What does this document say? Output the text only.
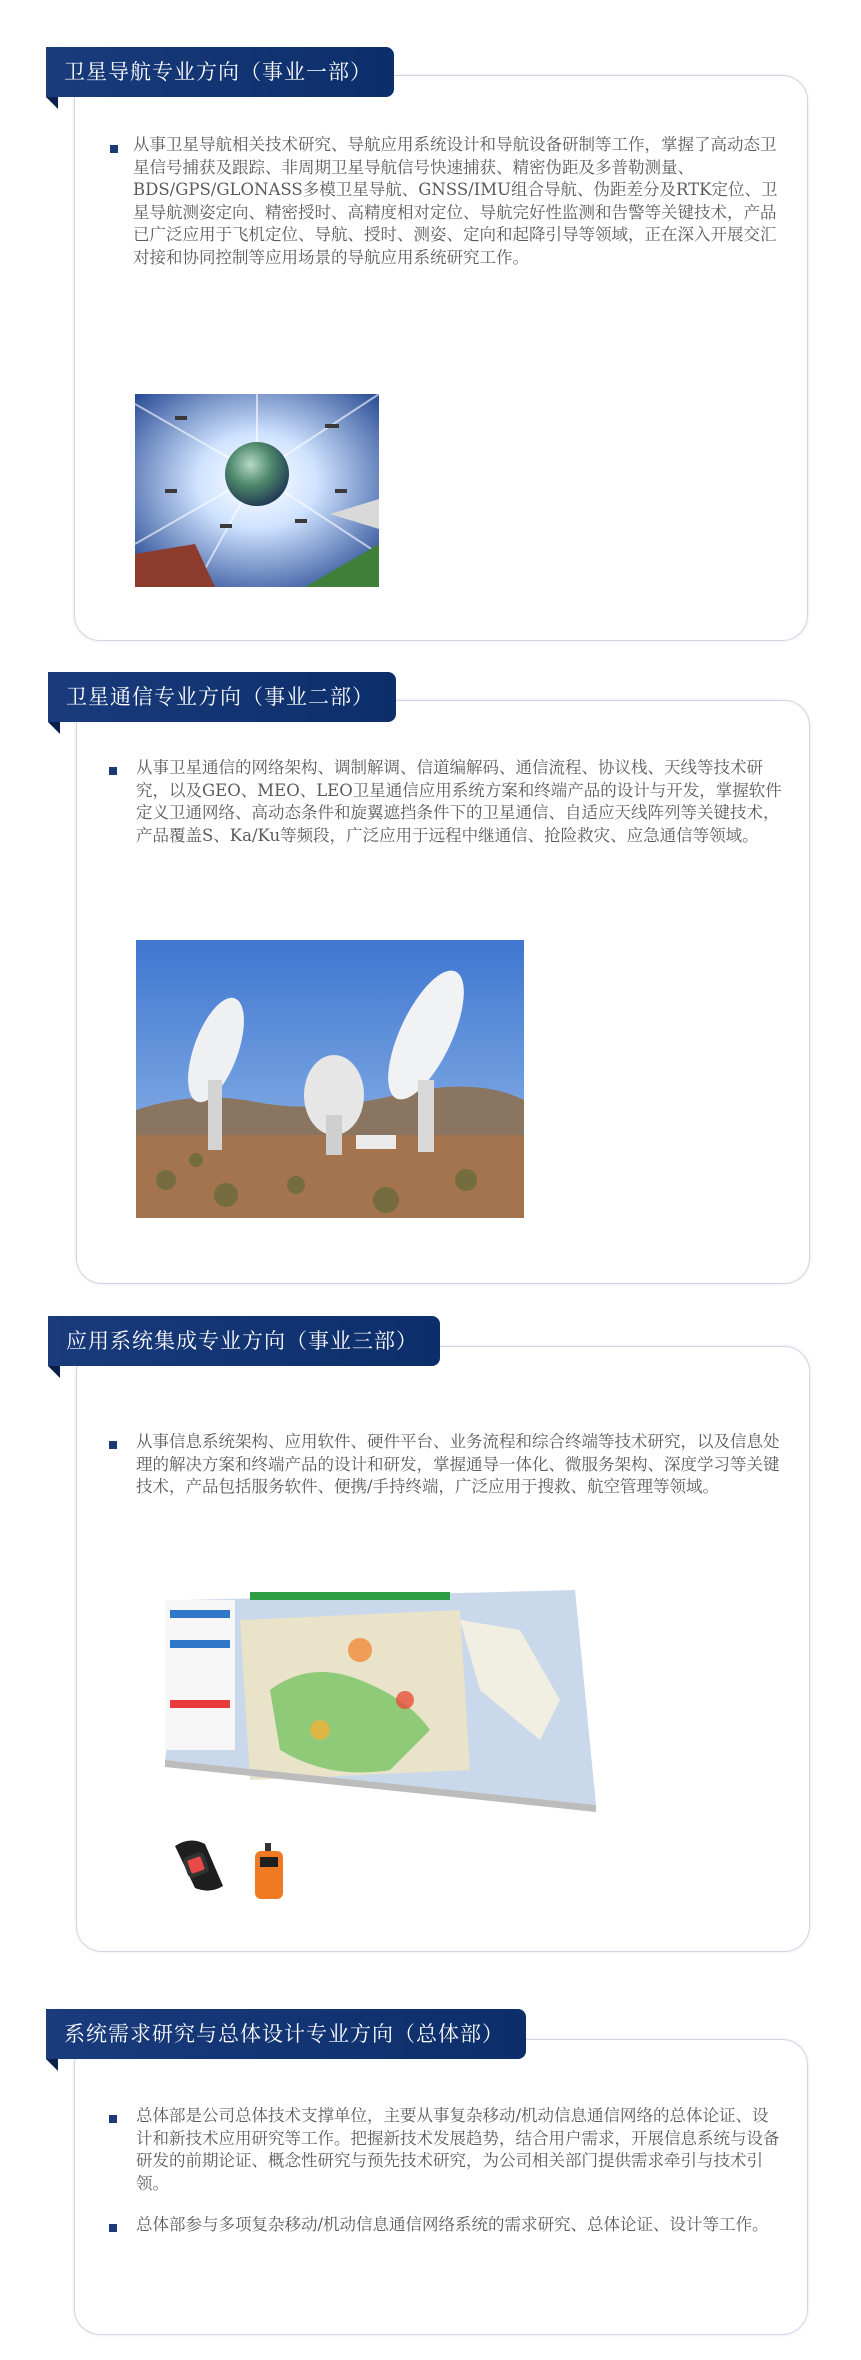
卫星导航专业方向（事业一部）
从事卫星导航相关技术研究、导航应用系统设计和导航设备研制等工作，掌握了高动态卫星信号捕获及跟踪、非周期卫星导航信号快速捕获、精密伪距及多普勒测量、BDS/GPS/GLONASS多模卫星导航、GNSS/IMU组合导航、伪距差分及RTK定位、卫星导航测姿定向、精密授时、高精度相对定位、导航完好性监测和告警等关键技术，产品已广泛应用于飞机定位、导航、授时、测姿、定向和起降引导等领域，正在深入开展交汇对接和协同控制等应用场景的导航应用系统研究工作。
卫星通信专业方向（事业二部）
从事卫星通信的网络架构、调制解调、信道编解码、通信流程、协议栈、天线等技术研究，以及GEO、MEO、LEO卫星通信应用系统方案和终端产品的设计与开发，掌握软件定义卫通网络、高动态条件和旋翼遮挡条件下的卫星通信、自适应天线阵列等关键技术，产品覆盖S、Ka/Ku等频段，广泛应用于远程中继通信、抢险救灾、应急通信等领域。
应用系统集成专业方向（事业三部）
从事信息系统架构、应用软件、硬件平台、业务流程和综合终端等技术研究，以及信息处理的解决方案和终端产品的设计和研发，掌握通导一体化、微服务架构、深度学习等关键技术，产品包括服务软件、便携/手持终端，广泛应用于搜救、航空管理等领域。
系统需求研究与总体设计专业方向（总体部）
总体部是公司总体技术支撑单位，主要从事复杂移动/机动信息通信网络的总体论证、设计和新技术应用研究等工作。把握新技术发展趋势，结合用户需求，开展信息系统与设备研发的前期论证、概念性研究与预先技术研究，为公司相关部门提供需求牵引与技术引领。
总体部参与多项复杂移动/机动信息通信网络系统的需求研究、总体论证、设计等工作。
